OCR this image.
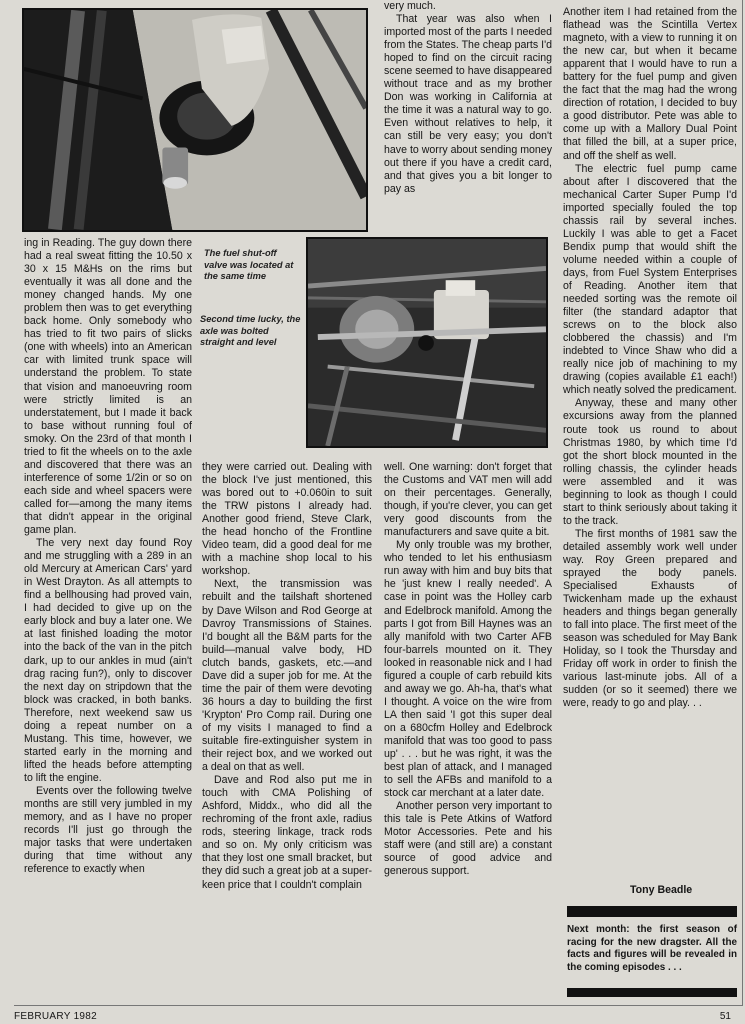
The fuel shut-off valve was located at the same time
Second time lucky, the axle was bolted straight and level

ing in Reading. The guy down there had a real sweat fitting the 10.50 x 30 x 15 M&Hs on the rims but eventually it was all done and the money changed hands. My one problem then was to get everything back home. Only somebody who has tried to fit two pairs of slicks (one with wheels) into an American car with limited trunk space will understand the problem. To state that vision and manoeuvring room were strictly limited is an understatement, but I made it back to base without running foul of smoky. On the 23rd of that month I tried to fit the wheels on to the axle and discovered that there was an interference of some 1/2in or so on each side and wheel spacers were called for—among the many items that didn't appear in the original game plan.

The very next day found Roy and me struggling with a 289 in an old Mercury at American Cars' yard in West Drayton. As all attempts to find a bellhousing had proved vain, I had decided to give up on the early block and buy a later one. We at last finished loading the motor into the back of the van in the pitch dark, up to our ankles in mud (ain't drag racing fun?), only to discover the next day on stripdown that the block was cracked, in both banks. Therefore, next weekend saw us doing a repeat number on a Mustang. This time, however, we started early in the morning and lifted the heads before attempting to lift the engine.

Events over the following twelve months are still very jumbled in my memory, and as I have no proper records I'll just go through the major tasks that were undertaken during that time without any reference to exactly when

they were carried out. Dealing with the block I've just mentioned, this was bored out to +0.060in to suit the TRW pistons I already had. Another good friend, Steve Clark, the head honcho of the Frontline Video team, did a good deal for me with a machine shop local to his workshop.

Next, the transmission was rebuilt and the tailshaft shortened by Dave Wilson and Rod George at Davroy Transmissions of Staines. I'd bought all the B&M parts for the build—manual valve body, HD clutch bands, gaskets, etc.—and Dave did a super job for me. At the time the pair of them were devoting 36 hours a day to building the first 'Krypton' Pro Comp rail. During one of my visits I managed to find a suitable fire-extinguisher system in their reject box, and we worked out a deal on that as well.

Dave and Rod also put me in touch with CMA Polishing of Ashford, Middx., who did all the rechroming of the front axle, radius rods, steering linkage, track rods and so on. My only criticism was that they lost one small bracket, but they did such a great job at a super-keen price that I couldn't complain

very much.

That year was also when I imported most of the parts I needed from the States. The cheap parts I'd hoped to find on the circuit racing scene seemed to have disappeared without trace and as my brother Don was working in California at the time it was a natural way to go. Even without relatives to help, it can still be very easy; you don't have to worry about sending money out there if you have a credit card, and that gives you a bit longer to pay as

well. One warning: don't forget that the Customs and VAT men will add on their percentages. Generally, though, if you're clever, you can get very good discounts from the manufacturers and save quite a bit.

My only trouble was my brother, who tended to let his enthusiasm run away with him and buy bits that he 'just knew I really needed'. A case in point was the Holley carb and Edelbrock manifold. Among the parts I got from Bill Haynes was an ally manifold with two Carter AFB four-barrels mounted on it. They looked in reasonable nick and I had figured a couple of carb rebuild kits and away we go. Ah-ha, that's what I thought. A voice on the wire from LA then said 'I got this super deal on a 680cfm Holley and Edelbrock manifold that was too good to pass up' . . . but he was right, it was the best plan of attack, and I managed to sell the AFBs and manifold to a stock car merchant at a later date.

Another person very important to this tale is Pete Atkins of Watford Motor Accessories. Pete and his staff were (and still are) a constant source of good advice and generous support.

Another item I had retained from the flathead was the Scintilla Vertex magneto, with a view to running it on the new car, but when it became apparent that I would have to run a battery for the fuel pump and given the fact that the mag had the wrong direction of rotation, I decided to buy a good distributor. Pete was able to come up with a Mallory Dual Point that filled the bill, at a super price, and off the shelf as well.

The electric fuel pump came about after I discovered that the mechanical Carter Super Pump I'd imported specially fouled the top chassis rail by several inches. Luckily I was able to get a Facet Bendix pump that would shift the volume needed within a couple of days, from Fuel System Enterprises of Reading. Another item that needed sorting was the remote oil filter (the standard adaptor that screws on to the block also clobbered the chassis) and I'm indebted to Vince Shaw who did a really nice job of machining to my drawing (copies available £1 each!) which neatly solved the predicament.

Anyway, these and many other excursions away from the planned route took us round to about Christmas 1980, by which time I'd got the short block mounted in the rolling chassis, the cylinder heads were assembled and it was beginning to look as though I could start to think seriously about taking it to the track.

The first months of 1981 saw the detailed assembly work well under way. Roy Green prepared and sprayed the body panels. Specialised Exhausts of Twickenham made up the exhaust headers and things began generally to fall into place. The first meet of the season was scheduled for May Bank Holiday, so I took the Thursday and Friday off work in order to finish the various last-minute jobs. All of a sudden (or so it seemed) there we were, ready to go and play. . .

Tony Beadle
Next month: the first season of racing for the new dragster. All the facts and figures will be revealed in the coming episodes . . .
FEBRUARY 1982	51
